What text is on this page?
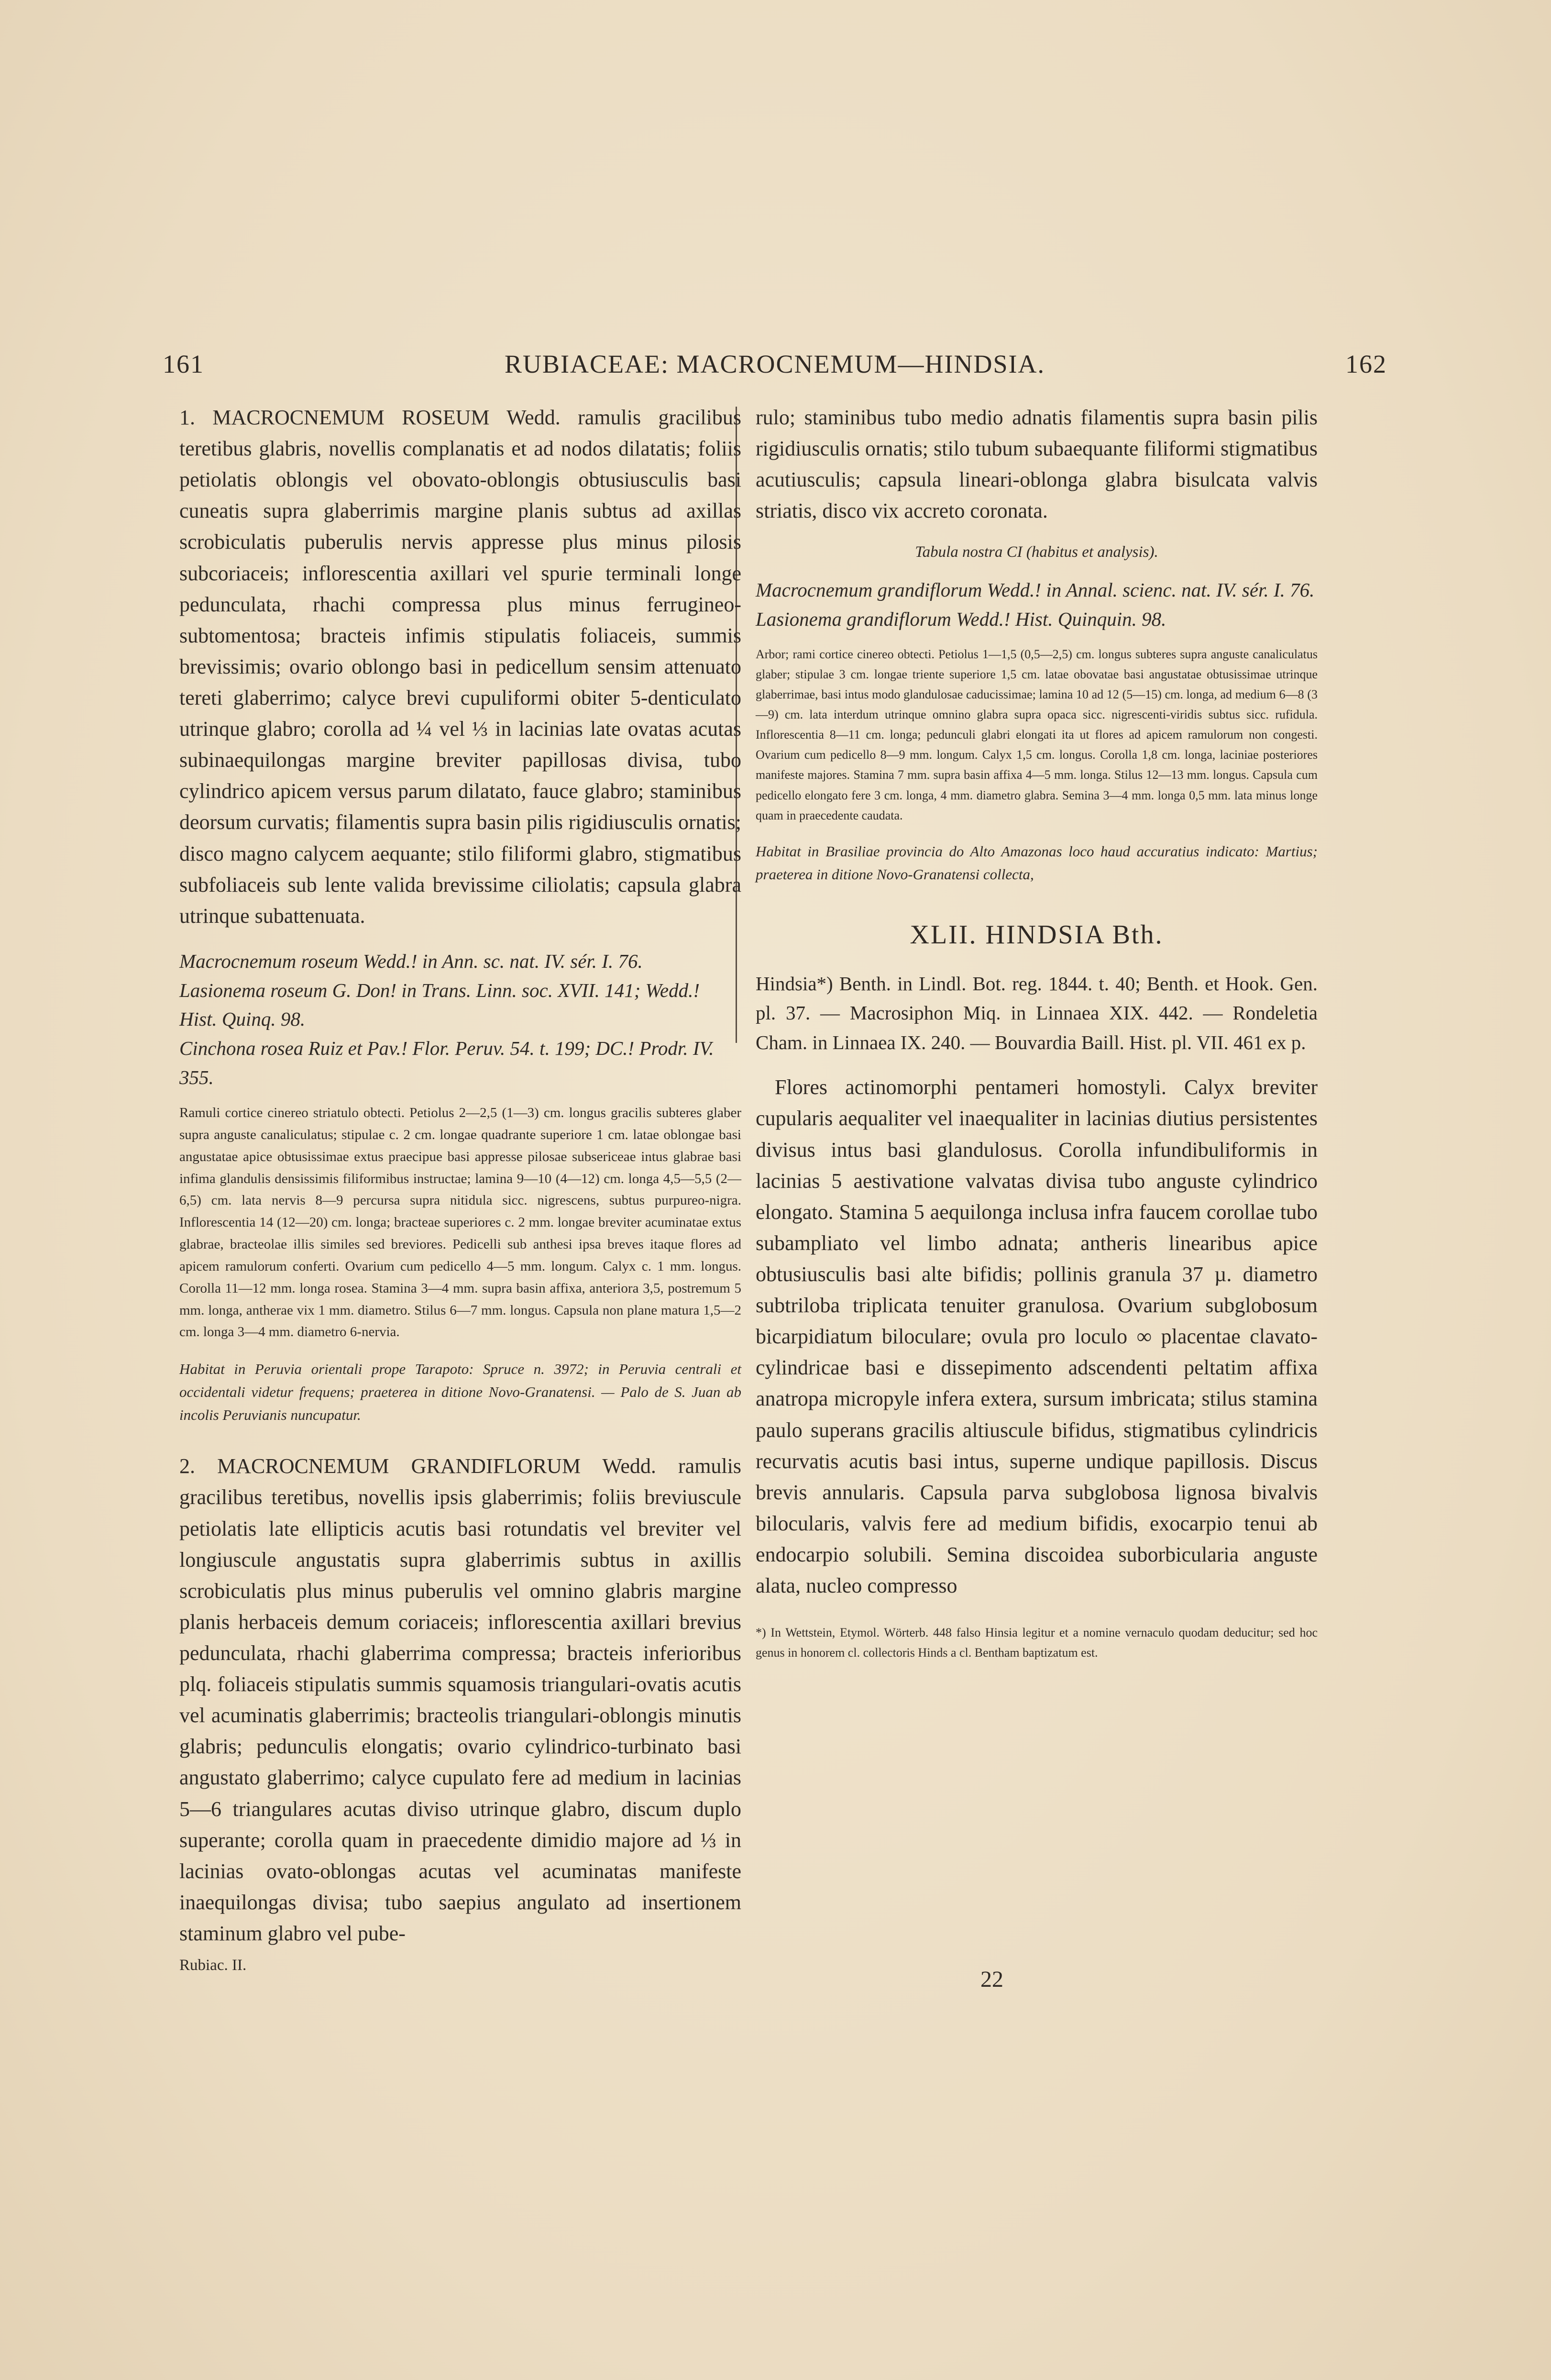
161	RUBIACEAE: MACROCNEMUM—HINDSIA.	162

1. MACROCNEMUM ROSEUM Wedd. ramulis gracilibus teretibus glabris, novellis complanatis et ad nodos dilatatis; foliis petiolatis oblongis vel obovato-oblongis obtusiusculis basi cuneatis supra glaberrimis margine planis subtus ad axillas scrobiculatis puberulis nervis appresse plus minus pilosis subcoriaceis; inflorescentia axillari vel spurie terminali longe pedunculata, rhachi compressa plus minus ferrugineo-subtomentosa; bracteis infimis stipulatis foliaceis, summis brevissimis; ovario oblongo basi in pedicellum sensim attenuato tereti glaberrimo; calyce brevi cupuliformi obiter 5-denticulato utrinque glabro; corolla ad ¼ vel ⅓ in lacinias late ovatas acutas subinaequilongas margine breviter papillosas divisa, tubo cylindrico apicem versus parum dilatato, fauce glabro; staminibus deorsum curvatis; filamentis supra basin pilis rigidiusculis ornatis; disco magno calycem aequante; stilo filiformi glabro, stigmatibus subfoliaceis sub lente valida brevissime ciliolatis; capsula glabra utrinque subattenuata.

Macrocnemum roseum Wedd.! in Ann. sc. nat. IV. sér. I. 76.
Lasionema roseum G. Don! in Trans. Linn. soc. XVII. 141; Wedd.! Hist. Quinq. 98.
Cinchona rosea Ruiz et Pav.! Flor. Peruv. 54. t. 199; DC.! Prodr. IV. 355.

Ramuli cortice cinereo striatulo obtecti. Petiolus 2—2,5 (1—3) cm. longus gracilis subteres glaber supra anguste canaliculatus; stipulae c. 2 cm. longae quadrante superiore 1 cm. latae oblongae basi angustatae apice obtusissimae extus praecipue basi appresse pilosae subsericeae intus glabrae basi infima glandulis densissimis filiformibus instructae; lamina 9—10 (4—12) cm. longa 4,5—5,5 (2—6,5) cm. lata nervis 8—9 percursa supra nitidula sicc. nigrescens, subtus purpureo-nigra. Inflorescentia 14 (12—20) cm. longa; bracteae superiores c. 2 mm. longae breviter acuminatae extus glabrae, bracteolae illis similes sed breviores. Pedicelli sub anthesi ipsa breves itaque flores ad apicem ramulorum conferti. Ovarium cum pedicello 4—5 mm. longum. Calyx c. 1 mm. longus. Corolla 11—12 mm. longa rosea. Stamina 3—4 mm. supra basin affixa, anteriora 3,5, postremum 5 mm. longa, antherae vix 1 mm. diametro. Stilus 6—7 mm. longus. Capsula non plane matura 1,5—2 cm. longa 3—4 mm. diametro 6-nervia.

Habitat in Peruvia orientali prope Tarapoto: Spruce n. 3972; in Peruvia centrali et occidentali videtur frequens; praeterea in ditione Novo-Granatensi. — Palo de S. Juan ab incolis Peruvianis nuncupatur.

2. MACROCNEMUM GRANDIFLORUM Wedd. ramulis gracilibus teretibus, novellis ipsis glaberrimis; foliis breviuscule petiolatis late ellipticis acutis basi rotundatis vel breviter vel longiuscule angustatis supra glaberrimis subtus in axillis scrobiculatis plus minus puberulis vel omnino glabris margine planis herbaceis demum coriaceis; inflorescentia axillari brevius pedunculata, rhachi glaberrima compressa; bracteis inferioribus plq. foliaceis stipulatis summis squamosis triangulari-ovatis acutis vel acuminatis glaberrimis; bracteolis triangulari-oblongis minutis glabris; pedunculis elongatis; ovario cylindrico-turbinato basi angustato glaberrimo; calyce cupulato fere ad medium in lacinias 5—6 triangulares acutas diviso utrinque glabro, discum duplo superante; corolla quam in praecedente dimidio majore ad ⅓ in lacinias ovato-oblongas acutas vel acuminatas manifeste inaequilongas divisa; tubo saepius angulato ad insertionem staminum glabro vel pube-

Rubiac. II.

rulo; staminibus tubo medio adnatis filamentis supra basin pilis rigidiusculis ornatis; stilo tubum subaequante filiformi stigmatibus acutiusculis; capsula lineari-oblonga glabra bisulcata valvis striatis, disco vix accreto coronata.

Tabula nostra CI (habitus et analysis).
Macrocnemum grandiflorum Wedd.! in Annal. scienc. nat. IV. sér. I. 76.
Lasionema grandiflorum Wedd.! Hist. Quinquin. 98.

Arbor; rami cortice cinereo obtecti. Petiolus 1—1,5 (0,5—2,5) cm. longus subteres supra anguste canaliculatus glaber; stipulae 3 cm. longae triente superiore 1,5 cm. latae obovatae basi angustatae obtusissimae utrinque glaberrimae, basi intus modo glandulosae caducissimae; lamina 10 ad 12 (5—15) cm. longa, ad medium 6—8 (3—9) cm. lata interdum utrinque omnino glabra supra opaca sicc. nigrescenti-viridis subtus sicc. rufidula. Inflorescentia 8—11 cm. longa; pedunculi glabri elongati ita ut flores ad apicem ramulorum non congesti. Ovarium cum pedicello 8—9 mm. longum. Calyx 1,5 cm. longus. Corolla 1,8 cm. longa, laciniae posteriores manifeste majores. Stamina 7 mm. supra basin affixa 4—5 mm. longa. Stilus 12—13 mm. longus. Capsula cum pedicello elongato fere 3 cm. longa, 4 mm. diametro glabra. Semina 3—4 mm. longa 0,5 mm. lata minus longe quam in praecedente caudata.

Habitat in Brasiliae provincia do Alto Amazonas loco haud accuratius indicato: Martius; praeterea in ditione Novo-Granatensi collecta,

XLII. HINDSIA Bth.

Hindsia*) Benth. in Lindl. Bot. reg. 1844. t. 40; Benth. et Hook. Gen. pl. 37. — Macrosiphon Miq. in Linnaea XIX. 442. — Rondeletia Cham. in Linnaea IX. 240. — Bouvardia Baill. Hist. pl. VII. 461 ex p.

Flores actinomorphi pentameri homostyli. Calyx breviter cupularis aequaliter vel inaequaliter in lacinias diutius persistentes divisus intus basi glandulosus. Corolla infundibuliformis in lacinias 5 aestivatione valvatas divisa tubo anguste cylindrico elongato. Stamina 5 aequilonga inclusa infra faucem corollae tubo subampliato vel limbo adnata; antheris linearibus apice obtusiusculis basi alte bifidis; pollinis granula 37 µ. diametro subtriloba triplicata tenuiter granulosa. Ovarium subglobosum bicarpidiatum biloculare; ovula pro loculo ∞ placentae clavato-cylindricae basi e dissepimento adscendenti peltatim affixa anatropa micropyle infera extera, sursum imbricata; stilus stamina paulo superans gracilis altiuscule bifidus, stigmatibus cylindricis recurvatis acutis basi intus, superne undique papillosis. Discus brevis annularis. Capsula parva subglobosa lignosa bivalvis bilocularis, valvis fere ad medium bifidis, exocarpio tenui ab endocarpio solubili. Semina discoidea suborbicularia anguste alata, nucleo compresso

*) In Wettstein, Etymol. Wörterb. 448 falso Hinsia legitur et a nomine vernaculo quodam deducitur; sed hoc genus in honorem cl. collectoris Hinds a cl. Bentham baptizatum est.

22
